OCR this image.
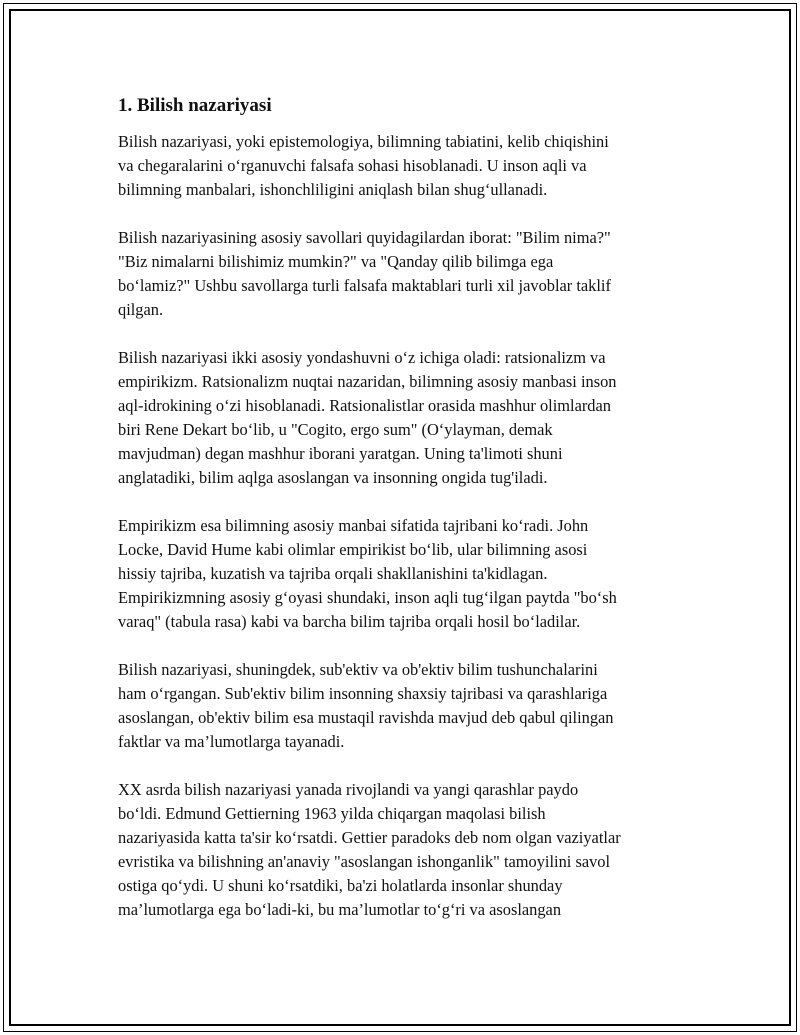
1. Bilish nazariyasi

Bilish nazariyasi, yoki epistemologiya, bilimning tabiatini, kelib chiqishini
va chegaralarini o‘rganuvchi falsafa sohasi hisoblanadi. U inson aqli va
bilimning manbalari, ishonchliligini aniqlash bilan shug‘ullanadi.

Bilish nazariyasining asosiy savollari quyidagilardan iborat: "Bilim nima?"
"Biz nimalarni bilishimiz mumkin?" va "Qanday qilib bilimga ega
bo‘lamiz?" Ushbu savollarga turli falsafa maktablari turli xil javoblar taklif
qilgan.

Bilish nazariyasi ikki asosiy yondashuvni o‘z ichiga oladi: ratsionalizm va
empirikizm. Ratsionalizm nuqtai nazaridan, bilimning asosiy manbasi inson
aql-idrokining o‘zi hisoblanadi. Ratsionalistlar orasida mashhur olimlardan
biri Rene Dekart bo‘lib, u "Cogito, ergo sum" (O‘ylayman, demak
mavjudman) degan mashhur iborani yaratgan. Uning ta'limoti shuni
anglatadiki, bilim aqlga asoslangan va insonning ongida tug'iladi.

Empirikizm esa bilimning asosiy manbai sifatida tajribani ko‘radi. John
Locke, David Hume kabi olimlar empirikist bo‘lib, ular bilimning asosi
hissiy tajriba, kuzatish va tajriba orqali shakllanishini ta'kidlagan.
Empirikizmning asosiy g‘oyasi shundaki, inson aqli tug‘ilgan paytda "bo‘sh
varaq" (tabula rasa) kabi va barcha bilim tajriba orqali hosil bo‘ladilar.

Bilish nazariyasi, shuningdek, sub'ektiv va ob'ektiv bilim tushunchalarini
ham o‘rgangan. Sub'ektiv bilim insonning shaxsiy tajribasi va qarashlariga
asoslangan, ob'ektiv bilim esa mustaqil ravishda mavjud deb qabul qilingan
faktlar va ma’lumotlarga tayanadi.

XX asrda bilish nazariyasi yanada rivojlandi va yangi qarashlar paydo
bo‘ldi. Edmund Gettierning 1963 yilda chiqargan maqolasi bilish
nazariyasida katta ta'sir ko‘rsatdi. Gettier paradoks deb nom olgan vaziyatlar
evristika va bilishning an'anaviy "asoslangan ishonganlik" tamoyilini savol
ostiga qo‘ydi. U shuni ko‘rsatdiki, ba'zi holatlarda insonlar shunday
ma’lumotlarga ega bo‘ladi-ki, bu ma’lumotlar to‘g‘ri va asoslangan
